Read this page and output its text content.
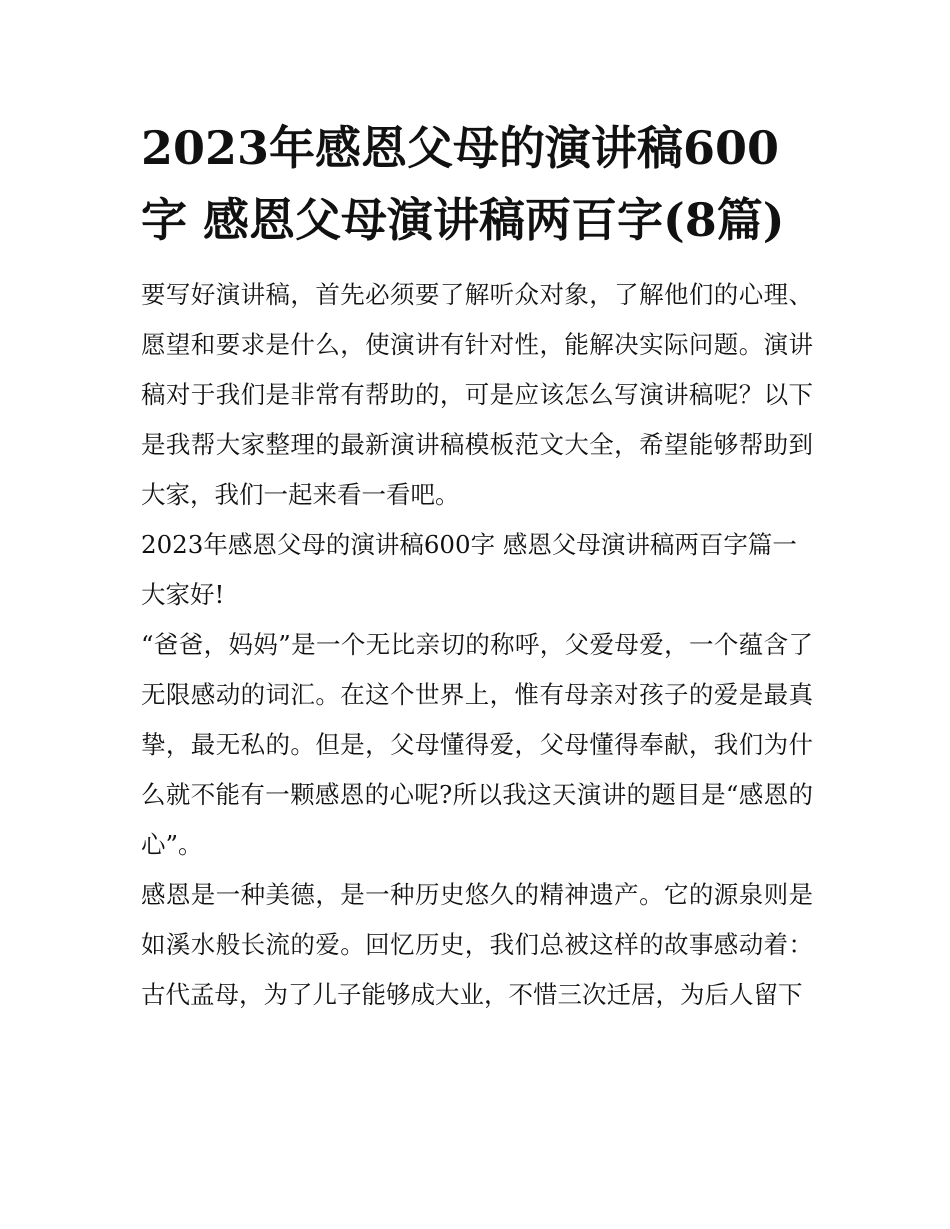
2023年感恩父母的演讲稿600字 感恩父母演讲稿两百字(8篇)

要写好演讲稿，首先必须要了解听众对象，了解他们的心理、愿望和要求是什么，使演讲有针对性，能解决实际问题。演讲稿对于我们是非常有帮助的，可是应该怎么写演讲稿呢？以下是我帮大家整理的最新演讲稿模板范文大全，希望能够帮助到大家，我们一起来看一看吧。

2023年感恩父母的演讲稿600字 感恩父母演讲稿两百字篇一

大家好!

“爸爸，妈妈”是一个无比亲切的称呼，父爱母爱，一个蕴含了无限感动的词汇。在这个世界上，惟有母亲对孩子的爱是最真挚，最无私的。但是，父母懂得爱，父母懂得奉献，我们为什么就不能有一颗感恩的心呢?所以我这天演讲的题目是“感恩的心”。

感恩是一种美德，是一种历史悠久的精神遗产。它的源泉则是如溪水般长流的爱。回忆历史，我们总被这样的故事感动着：古代孟母，为了儿子能够成大业，不惜三次迁居，为后人留下
